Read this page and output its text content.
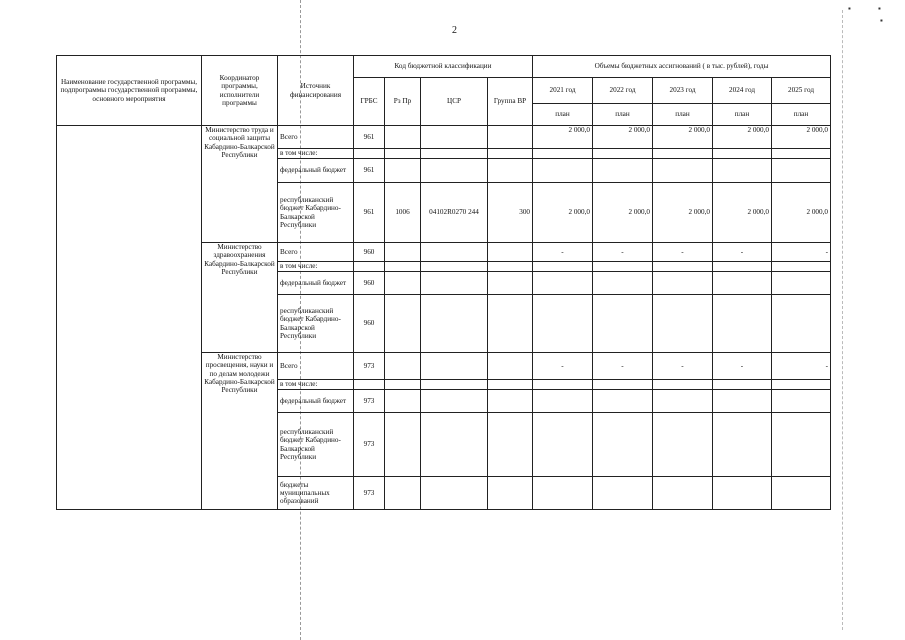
▪	▪
▪
2
Наименование государственной программы, подпрограммы государственной программы, основного мероприятия	Координатор программы, исполнители программы	Источник финансирования	Код бюджетной классификации				Объемы бюджетных ассигнований ( в тыс. рублей), годы				
			ГРБС	Рз Пр	ЦСР	Группа ВР	2021 год	2022 год	2023 год	2024 год	2025 год
							план	план	план	план	план
	Министерство труда и социальной защиты Кабардино-Балкарской Республики	Всего	961				2 000,0	2 000,0	2 000,0	2 000,0	2 000,0
		в том числе:									
		федеральный бюджет	961								
		республиканский бюджет Кабардино-Балкарской Республики	961	1006	04102R0270 244	300	2 000,0	2 000,0	2 000,0	2 000,0	2 000,0
	Министерство здравоохранения Кабардино-Балкарской Республики	Всего	960				-	-	-	-	-
		в том числе:									
		федеральный бюджет	960								
		республиканский бюджет Кабардино-Балкарской Республики	960								
	Министерство просвещения, науки и по делам молодежи Кабардино-Балкарской Республики	Всего	973				-	-	-	-	-
		в том числе:									
		федеральный бюджет	973								
		республиканский бюджет Кабардино-Балкарской Республики	973								
		бюджеты муниципальных образований	973								
